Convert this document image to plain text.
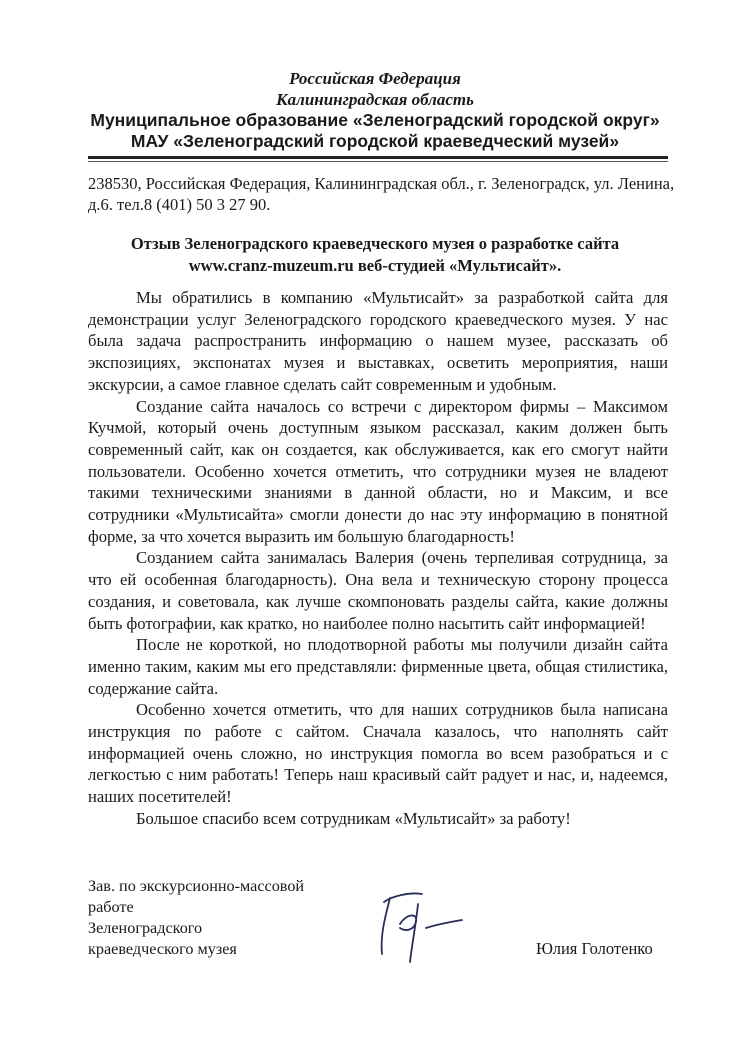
Российская Федерация
Калининградская область
Муниципальное образование «Зеленоградский городской округ»
МАУ «Зеленоградский городской краеведческий музей»
238530, Российская Федерация, Калининградская обл., г. Зеленоградск, ул. Ленина, д.6. тел.8 (401) 50 3 27 90.
Отзыв Зеленоградского краеведческого музея о разработке сайта
www.cranz-muzeum.ru веб-студией «Мультисайт».

Мы обратились в компанию «Мультисайт» за разработкой сайта для демонстрации услуг Зеленоградского городского краеведческого музея. У нас была задача распространить информацию о нашем музее, рассказать об экспозициях, экспонатах музея и выставках, осветить мероприятия, наши экскурсии, а самое главное сделать сайт современным и удобным.

Создание сайта началось со встречи с директором фирмы – Максимом Кучмой, который очень доступным языком рассказал, каким должен быть современный сайт, как он создается, как обслуживается, как его смогут найти пользователи. Особенно хочется отметить, что сотрудники музея не владеют такими техническими знаниями в данной области, но и Максим, и все сотрудники «Мультисайта» смогли донести до нас эту информацию в понятной форме, за что хочется выразить им большую благодарность!

Созданием сайта занималась Валерия (очень терпеливая сотрудница, за что ей особенная благодарность). Она вела и техническую сторону процесса создания, и советовала, как лучше скомпоновать разделы сайта, какие должны быть фотографии, как кратко, но наиболее полно насытить сайт информацией!

После не короткой, но плодотворной работы мы получили дизайн сайта именно таким, каким мы его представляли: фирменные цвета, общая стилистика, содержание сайта.

Особенно хочется отметить, что для наших сотрудников была написана инструкция по работе с сайтом. Сначала казалось, что наполнять сайт информацией очень сложно, но инструкция помогла во всем разобраться и с легкостью с ним работать! Теперь наш красивый сайт радует и нас, и, надеемся, наших посетителей!

Большое спасибо всем сотрудникам «Мультисайт» за работу!

Зав. по экскурсионно-массовой
работе
Зеленоградского
краеведческого музея	Юлия Голотенко
